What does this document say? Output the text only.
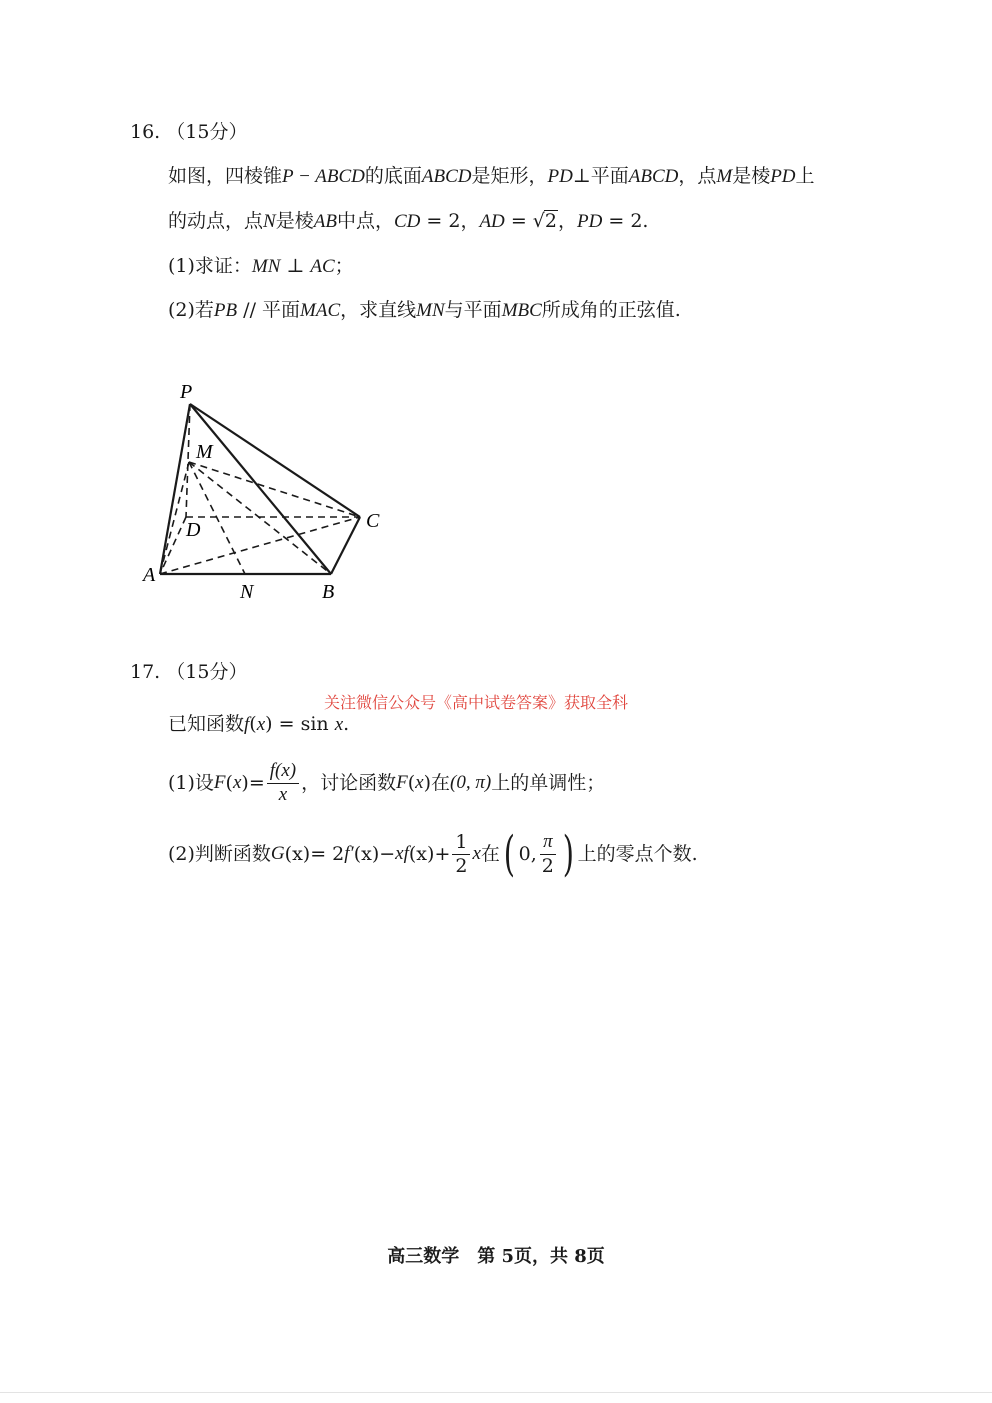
16. （15分）
如图，四棱锥P − ABCD的底面ABCD是矩形，PD⊥平面ABCD，点M是棱PD上
的动点，点N是棱AB中点，CD = 2，AD = √2，PD = 2.
(1)求证：MN ⊥ AC；
(2)若PB // 平面MAC，求直线MN与平面MBC所成角的正弦值.
P
M
D	C
A
N	B
17. （15分）
关注微信公众号《高中试卷答案》获取全科
已知函数f(x) = sin x.
(1)设 F ( x ) = $\frac{f(x)}{x}$ ，讨论函数 F ( x ) 在 (0, π) 上的单调性；
(2)判断函数 G (x) = 2 f′ (x) − xf $(x) + \frac{1}{2}$ x 在 ( 0, $\frac{\pi}{2}$ ) 上的零点个数.
高三数学　第 5页，共 8页
